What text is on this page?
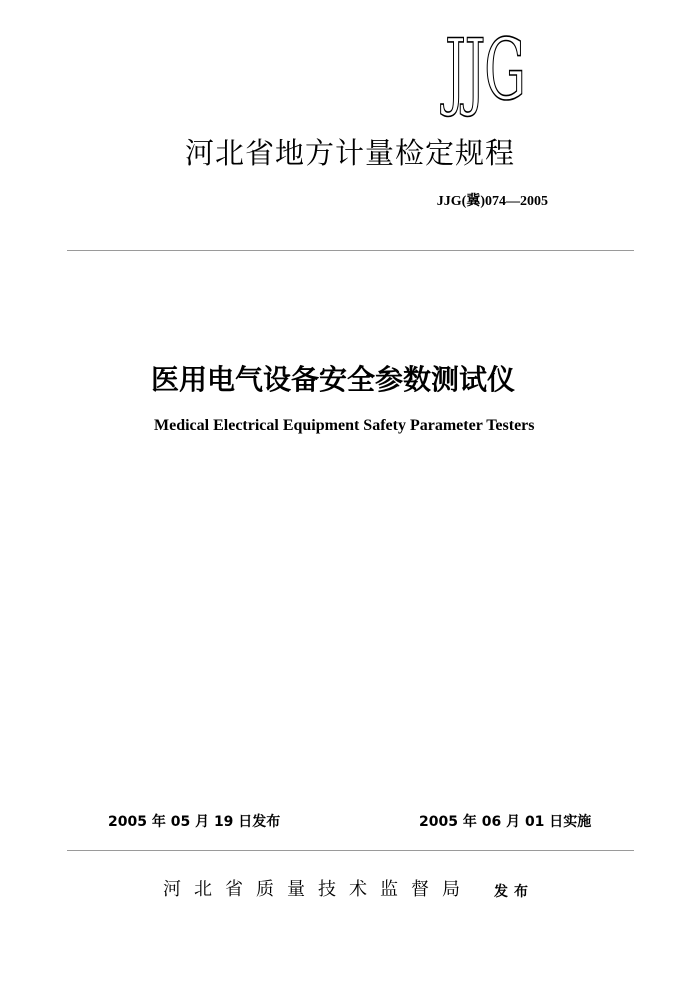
JJG
河北省地方计量检定规程
JJG(冀)074—2005
医用电气设备安全参数测试仪
Medical Electrical Equipment Safety Parameter Testers
2005 年 05 月 19 日发布	2005 年 06 月 01 日实施
河北省质量技术监督局 发布
